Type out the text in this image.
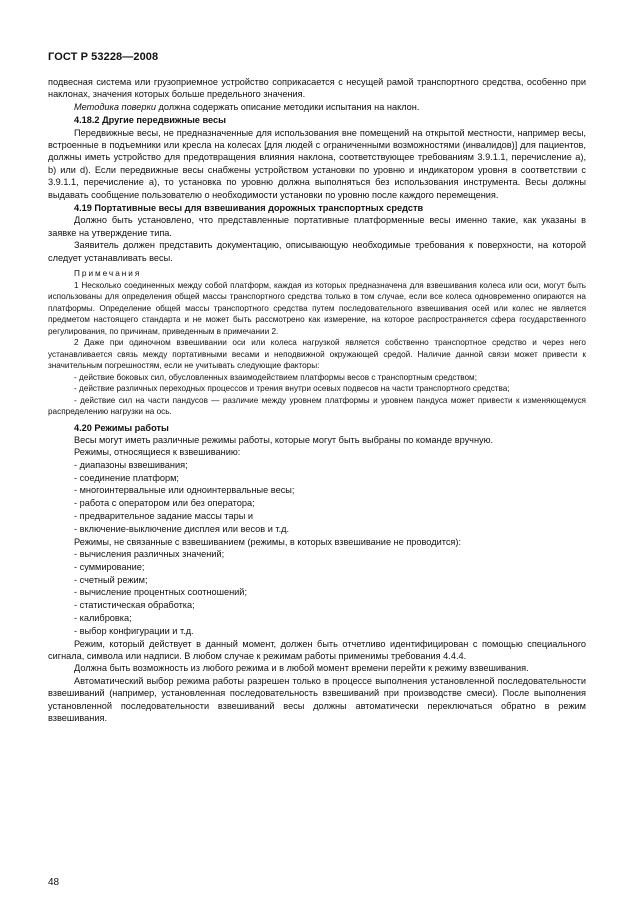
ГОСТ Р 53228—2008

подвесная система или грузоприемное устройство соприкасается с несущей рамой транспортного средства, особенно при наклонах, значения которых больше предельного значения.

Методика поверки должна содержать описание методики испытания на наклон.

4.18.2 Другие передвижные весы

Передвижные весы, не предназначенные для использования вне помещений на открытой местности, например весы, встроенные в подъемники или кресла на колесах [для людей с ограниченными возможностями (инвалидов)] для пациентов, должны иметь устройство для предотвращения влияния наклона, соответствующее требованиям 3.9.1.1, перечисление а), b) или d). Если передвижные весы снабжены устройством установки по уровню и индикатором уровня в соответствии с 3.9.1.1, перечисление а), то установка по уровню должна выполняться без использования инструмента. Весы должны выдавать сообщение пользователю о необходимости установки по уровню после каждого перемещения.

4.19 Портативные весы для взвешивания дорожных транспортных средств

Должно быть установлено, что представленные портативные платформенные весы именно такие, как указаны в заявке на утверждение типа.

Заявитель должен представить документацию, описывающую необходимые требования к поверхности, на которой следует устанавливать весы.

Примечания

1 Несколько соединенных между собой платформ, каждая из которых предназначена для взвешивания колеса или оси, могут быть использованы для определения общей массы транспортного средства только в том случае, если все колеса одновременно опираются на платформы. Определение общей массы транспортного средства путем последовательного взвешивания осей или колес не является предметом настоящего стандарта и не может быть рассмотрено как измерение, на которое распространяется сфера государственного регулирования, по причинам, приведенным в примечании 2.

2 Даже при одиночном взвешивании оси или колеса нагрузкой является собственно транспортное средство и через него устанавливается связь между портативными весами и неподвижной окружающей средой. Наличие данной связи может привести к значительным погрешностям, если не учитывать следующие факторы:

- действие боковых сил, обусловленных взаимодействием платформы весов с транспортным средством;

- действие различных переходных процессов и трения внутри осевых подвесов на части транспортного средства;

- действие сил на части пандусов — различие между уровнем платформы и уровнем пандуса может привести к изменяющемуся распределению нагрузки на ось.

4.20 Режимы работы

Весы могут иметь различные режимы работы, которые могут быть выбраны по команде вручную.

Режимы, относящиеся к взвешиванию:

- диапазоны взвешивания;

- соединение платформ;

- многоинтервальные или одноинтервальные весы;

- работа с оператором или без оператора;

- предварительное задание массы тары и

- включение-выключение дисплея или весов и т.д.

Режимы, не связанные с взвешиванием (режимы, в которых взвешивание не проводится):

- вычисления различных значений;

- суммирование;

- счетный режим;

- вычисление процентных соотношений;

- статистическая обработка;

- калибровка;

- выбор конфигурации и т.д.

Режим, который действует в данный момент, должен быть отчетливо идентифицирован с помощью специального сигнала, символа или надписи. В любом случае к режимам работы применимы требования 4.4.4.

Должна быть возможность из любого режима и в любой момент времени перейти к режиму взвешивания.

Автоматический выбор режима работы разрешен только в процессе выполнения установленной последовательности взвешиваний (например, установленная последовательность взвешиваний при производстве смеси). После выполнения установленной последовательности взвешиваний весы должны автоматически переключаться обратно в режим взвешивания.

48
